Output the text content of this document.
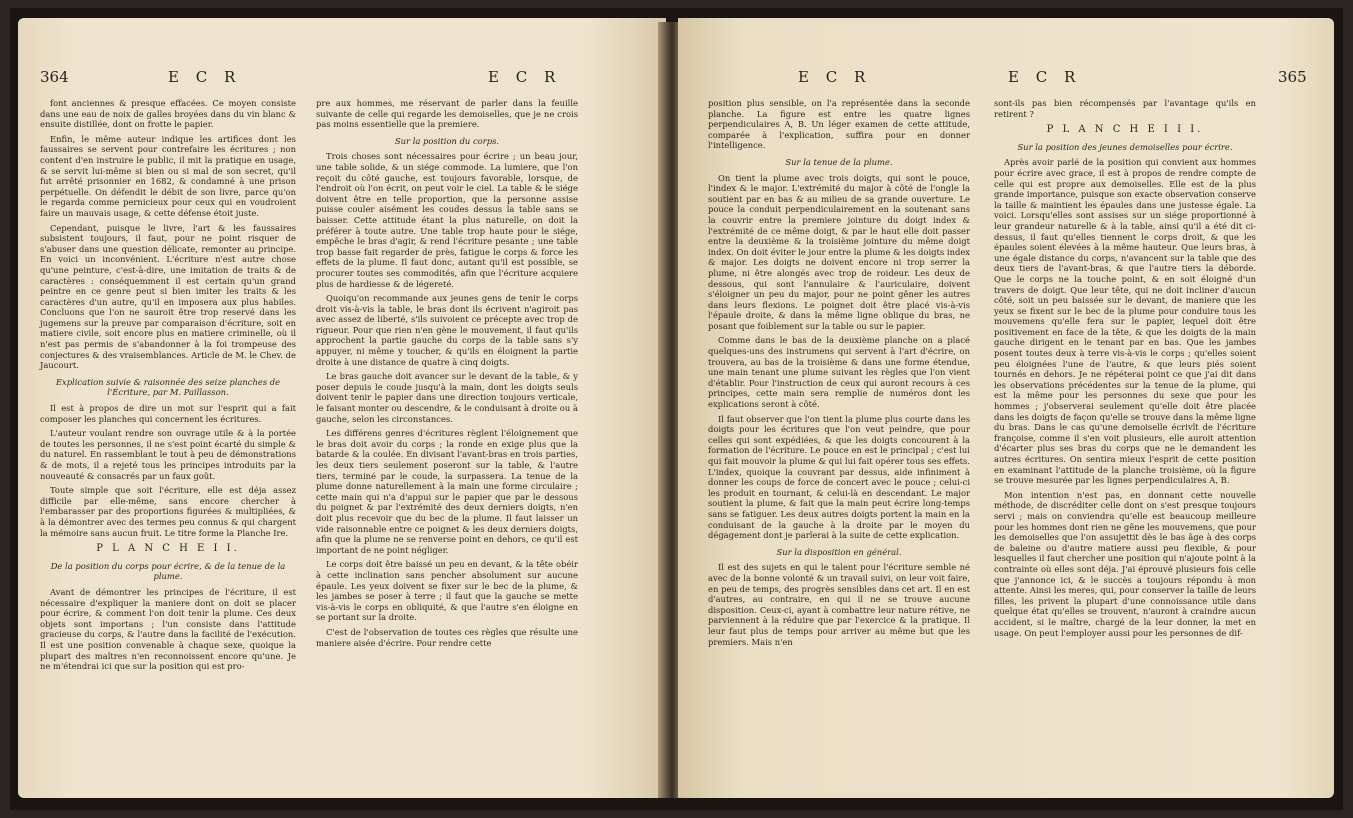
364	E C R	E C R

font anciennes & presque effacées. Ce moyen consiste dans une eau de noix de galles broyées dans du vin blanc & ensuite distillée, dont on frotte le papier.

Enfin, le même auteur indique les artifices dont les faussaires se servent pour contrefaire les écritures ; non content d'en instruire le public, il mit la pratique en usage, & se servit lui-même si bien ou si mal de son secret, qu'il fut arrêté prisonnier en 1682, & condamné à une prison perpétuelle. On défendit le débit de son livre, parce qu'on le regarda comme pernicieux pour ceux qui en voudroient faire un mauvais usage, & cette défense étoit juste.

Cependant, puisque le livre, l'art & les faussaires subsistent toujours, il faut, pour ne point risquer de s'abuser dans une question délicate, remonter au principe. En voici un inconvénient. L'écriture n'est autre chose qu'une peinture, c'est-à-dire, une imitation de traits & de caractères : conséquemment il est certain qu'un grand peintre en ce genre peut si bien imiter les traits & les caractères d'un autre, qu'il en imposera aux plus habiles. Concluons que l'on ne sauroit être trop reservé dans les jugemens sur la preuve par comparaison d'écriture, soit en matiere civile, soit encore plus en matiere criminelle, où il n'est pas permis de s'abandonner à la foi trompeuse des conjectures & des vraisemblances. Article de M. le Chev. de Jaucourt.

Explication suivie & raisonnée des seize planches de l'Écriture, par M. Paillasson.

Il est à propos de dire un mot sur l'esprit qui a fait composer les planches qui concernent les écritures.

L'auteur voulant rendre son ouvrage utile & à la portée de toutes les personnes, il ne s'est point écarté du simple & du naturel. En rassemblant le tout à peu de démonstrations & de mots, il a rejeté tous les principes introduits par la nouveauté & consacrés par un faux goût.

Toute simple que soit l'écriture, elle est déja assez difficile par elle-même, sans encore chercher à l'embarasser par des proportions figurées & multipliées, & à la démontrer avec des termes peu connus & qui chargent la mémoire sans aucun fruit. Le titre forme la Planche Ire.

P L A N C H E I I.

De la position du corps pour écrire, & de la tenue de la plume.

Avant de démontrer les principes de l'écriture, il est nécessaire d'expliquer la maniere dont on doit se placer pour écrire, & comment l'on doit tenir la plume. Ces deux objets sont importans ; l'un consiste dans l'attitude gracieuse du corps, & l'autre dans la facilité de l'exécution. Il est une position convenable à chaque sexe, quoique la plupart des maîtres n'en reconnoissent encore qu'une. Je ne m'étendrai ici que sur la position qui est pro-

pre aux hommes, me réservant de parler dans la feuille suivante de celle qui regarde les demoiselles, que je ne crois pas moins essentielle que la premiere.

Sur la position du corps.

Trois choses sont nécessaires pour écrire ; un beau jour, une table solide, & un siége commode. La lumiere, que l'on reçoit du côté gauche, est toujours favorable, lorsque, de l'endroit où l'on écrit, on peut voir le ciel. La table & le siége doivent être en telle proportion, que la personne assise puisse couler aisément les coudes dessus la table sans se baisser. Cette attitude étant la plus naturelle, on doit la préférer à toute autre. Une table trop haute pour le siége, empêche le bras d'agir, & rend l'écriture pesante ; une table trop basse fait regarder de près, fatigue le corps & force les effets de la plume. Il faut donc, autant qu'il est possible, se procurer toutes ses commodités, afin que l'écriture acquiere plus de hardiesse & de légereté.

Quoiqu'on recommande aux jeunes gens de tenir le corps droit vis-à-vis la table, le bras dont ils écrivent n'agiroit pas avec assez de liberté, s'ils suivoient ce précepte avec trop de rigueur. Pour que rien n'en gène le mouvement, il faut qu'ils approchent la partie gauche du corps de la table sans s'y appuyer, ni même y toucher, & qu'ils en éloignent la partie droite à une distance de quatre à cinq doigts.

Le bras gauche doit avancer sur le devant de la table, & y poser depuis le coude jusqu'à la main, dont les doigts seuls doivent tenir le papier dans une direction toujours verticale, le faisant monter ou descendre, & le conduisant à droite ou à gauche, selon les circonstances.

Les différens genres d'écritures règlent l'éloignement que le bras doit avoir du corps ; la ronde en exige plus que la batarde & la coulée. En divisant l'avant-bras en trois parties, les deux tiers seulement poseront sur la table, & l'autre tiers, terminé par le coude, la surpassera. La tenue de la plume donne naturellement à la main une forme circulaire ; cette main qui n'a d'appui sur le papier que par le dessous du poignet & par l'extrémité des deux derniers doigts, n'en doit plus recevoir que du bec de la plume. Il faut laisser un vide raisonnable entre ce poignet & les deux derniers doigts, afin que la plume ne se renverse point en dehors, ce qu'il est important de ne point négliger.

Le corps doit être baissé un peu en devant, & la tête obéir à cette inclination sans pencher absolument sur aucune épaule. Les yeux doivent se fixer sur le bec de la plume, & les jambes se poser à terre ; il faut que la gauche se mette vis-à-vis le corps en obliquité, & que l'autre s'en éloigne en se portant sur la droite.

C'est de l'observation de toutes ces règles que résulte une maniere aisée d'écrire. Pour rendre cette

E C R	E C R	365

position plus sensible, on l'a représentée dans la seconde planche. La figure est entre les quatre lignes perpendiculaires A, B. Un léger examen de cette attitude, comparée à l'explication, suffira pour en donner l'intelligence.

Sur la tenue de la plume.

On tient la plume avec trois doigts, qui sont le pouce, l'index & le major. L'extrémité du major à côté de l'ongle la soutient par en bas & au milieu de sa grande ouverture. Le pouce la conduit perpendiculairement en la soutenant sans la couvrir entre la premiere jointure du doigt index & l'extrémité de ce même doigt, & par le haut elle doit passer entre la deuxième & la troisième jointure du même doigt index. On doit éviter le jour entre la plume & les doigts index & major. Les doigts ne doivent encore ni trop serrer la plume, ni être alongés avec trop de roideur. Les deux de dessous, qui sont l'annulaire & l'auriculaire, doivent s'éloigner un peu du major, pour ne point gêner les autres dans leurs flexions. Le poignet doit être placé vis-à-vis l'épaule droite, & dans la même ligne oblique du bras, ne posant que foiblement sur la table ou sur le papier.

Comme dans le bas de la deuxième planche on a placé quelques-uns des instrumens qui servent à l'art d'écrire, on trouvera, au bas de la troisième & dans une forme étendue, une main tenant une plume suivant les règles que l'on vient d'établir. Pour l'instruction de ceux qui auront recours à ces principes, cette main sera remplie de numéros dont les explications seront à côté.

Il faut observer que l'on tient la plume plus courte dans les doigts pour les écritures que l'on veut peindre, que pour celles qui sont expédiées, & que les doigts concourent à la formation de l'écriture. Le pouce en est le principal ; c'est lui qui fait mouvoir la plume & qui lui fait opérer tous ses effets. L'index, quoique la couvrant par dessus, aide infiniment à donner les coups de force de concert avec le pouce ; celui-ci les produit en tournant, & celui-là en descendant. Le major soutient la plume, & fait que la main peut écrire long-temps sans se fatiguer. Les deux autres doigts portent la main en la conduisant de la gauche à la droite par le moyen du dégagement dont je parlerai à la suite de cette explication.

Sur la disposition en général.

Il est des sujets en qui le talent pour l'écriture semble né avec de la bonne volonté & un travail suivi, on leur voit faire, en peu de temps, des progrès sensibles dans cet art. Il en est d'autres, au contraire, en qui il ne se trouve aucune disposition. Ceux-ci, ayant à combattre leur nature rétive, ne parviennent à la réduire que par l'exercice & la pratique. Il leur faut plus de temps pour arriver au même but que les premiers. Mais n'en

sont-ils pas bien récompensés par l'avantage qu'ils en retirent ?

P L A N C H E I I I.

Sur la position des jeunes demoiselles pour écrire.

Après avoir parlé de la position qui convient aux hommes pour écrire avec grace, il est à propos de rendre compte de celle qui est propre aux demoiselles. Elle est de la plus grande importance, puisque son exacte observation conserve la taille & maintient les épaules dans une justesse égale. La voici. Lorsqu'elles sont assises sur un siége proportionné à leur grandeur naturelle & à la table, ainsi qu'il a été dit ci-dessus, il faut qu'elles tiennent le corps droit, & que les épaules soient élevées à la même hauteur. Que leurs bras, à une égale distance du corps, n'avancent sur la table que des deux tiers de l'avant-bras, & que l'autre tiers la déborde. Que le corps ne la touche point, & en soit éloigné d'un travers de doigt. Que leur tête, qui ne doit incliner d'aucun côté, soit un peu baissée sur le devant, de maniere que les yeux se fixent sur le bec de la plume pour conduire tous les mouvemens qu'elle fera sur le papier, lequel doit être positivement en face de la tête, & que les doigts de la main gauche dirigent en le tenant par en bas. Que les jambes posent toutes deux à terre vis-à-vis le corps ; qu'elles soient peu éloignées l'une de l'autre, & que leurs piés soient tournés en dehors. Je ne répéterai point ce que j'ai dit dans les observations précédentes sur la tenue de la plume, qui est la même pour les personnes du sexe que pour les hommes ; j'observerai seulement qu'elle doit être placée dans les doigts de façon qu'elle se trouve dans la même ligne du bras. Dans le cas qu'une demoiselle écrivît de l'écriture françoise, comme il s'en voit plusieurs, elle auroit attention d'écarter plus ses bras du corps que ne le demandent les autres écritures. On sentira mieux l'esprit de cette position en examinant l'attitude de la planche troisième, où la figure se trouve mesurée par les lignes perpendiculaires A, B.

Mon intention n'est pas, en donnant cette nouvelle méthode, de discréditer celle dont on s'est presque toujours servi ; mais on conviendra qu'elle est beaucoup meilleure pour les hommes dont rien ne gêne les mouvemens, que pour les demoiselles que l'on assujettit dès le bas âge à des corps de baleine ou d'autre matiere aussi peu flexible, & pour lesquelles il faut chercher une position qui n'ajoute point à la contrainte où elles sont déja. J'ai éprouvé plusieurs fois celle que j'annonce ici, & le succès a toujours répondu à mon attente. Ainsi les meres, qui, pour conserver la taille de leurs filles, les privent la plupart d'une connoissance utile dans quelque état qu'elles se trouvent, n'auront à craindre aucun accident, si le maître, chargé de la leur donner, la met en usage. On peut l'employer aussi pour les personnes de dif-
